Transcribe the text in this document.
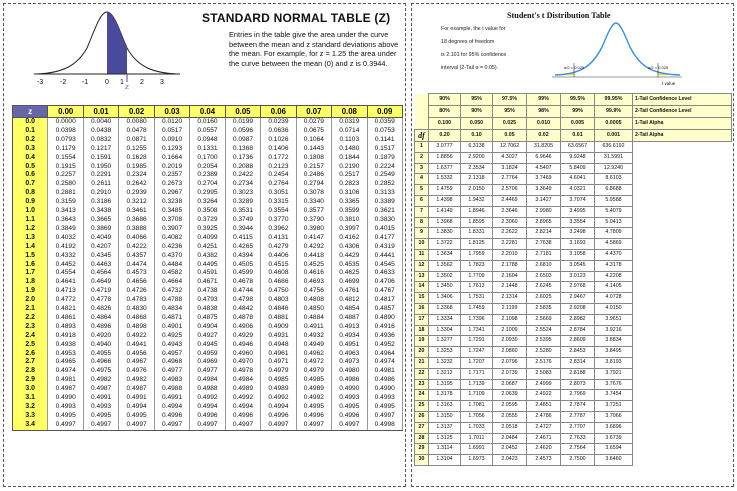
-3 -2 -1 0 1 2 3
Z
STANDARD NORMAL TABLE (Z)
Entries in the table give the area under the curve between the mean and z standard deviations above the mean. For example, for z = 1.25 the area under the curve between the mean (0) and z is 0.3944.
z	0.00	0.01	0.02	0.03	0.04	0.05	0.06	0.07	0.08	0.09
0.0	0.0000	0.0040	0.0080	0.0120	0.0160	0.0199	0.0239	0.0279	0.0319	0.0359
0.1	0.0398	0.0438	0.0478	0.0517	0.0557	0.0596	0.0636	0.0675	0.0714	0.0753
0.2	0.0793	0.0832	0.0871	0.0910	0.0948	0.0987	0.1026	0.1064	0.1103	0.1141
0.3	0.1179	0.1217	0.1255	0.1293	0.1331	0.1368	0.1406	0.1443	0.1480	0.1517
0.4	0.1554	0.1591	0.1628	0.1664	0.1700	0.1736	0.1772	0.1808	0.1844	0.1879
0.5	0.1915	0.1950	0.1985	0.2019	0.2054	0.2088	0.2123	0.2157	0.2190	0.2224
0.6	0.2257	0.2291	0.2324	0.2357	0.2389	0.2422	0.2454	0.2486	0.2517	0.2549
0.7	0.2580	0.2611	0.2642	0.2673	0.2704	0.2734	0.2764	0.2794	0.2823	0.2852
0.8	0.2881	0.2910	0.2939	0.2967	0.2995	0.3023	0.3051	0.3078	0.3106	0.3133
0.9	0.3159	0.3186	0.3212	0.3238	0.3264	0.3289	0.3315	0.3340	0.3365	0.3389
1.0	0.3413	0.3438	0.3461	0.3485	0.3508	0.3531	0.3554	0.3577	0.3599	0.3621
1.1	0.3643	0.3665	0.3686	0.3708	0.3729	0.3749	0.3770	0.3790	0.3810	0.3830
1.2	0.3849	0.3869	0.3888	0.3907	0.3925	0.3944	0.3962	0.3980	0.3997	0.4015
1.3	0.4032	0.4049	0.4066	0.4082	0.4099	0.4115	0.4131	0.4147	0.4162	0.4177
1.4	0.4192	0.4207	0.4222	0.4236	0.4251	0.4265	0.4279	0.4292	0.4306	0.4319
1.5	0.4332	0.4345	0.4357	0.4370	0.4382	0.4394	0.4406	0.4418	0.4429	0.4441
1.6	0.4452	0.4463	0.4474	0.4484	0.4495	0.4505	0.4515	0.4525	0.4535	0.4545
1.7	0.4554	0.4564	0.4573	0.4582	0.4591	0.4599	0.4608	0.4616	0.4625	0.4633
1.8	0.4641	0.4649	0.4656	0.4664	0.4671	0.4678	0.4686	0.4693	0.4699	0.4706
1.9	0.4713	0.4719	0.4726	0.4732	0.4738	0.4744	0.4750	0.4756	0.4761	0.4767
2.0	0.4772	0.4778	0.4783	0.4788	0.4793	0.4798	0.4803	0.4808	0.4812	0.4817
2.1	0.4821	0.4826	0.4830	0.4834	0.4838	0.4842	0.4846	0.4850	0.4854	0.4857
2.2	0.4861	0.4864	0.4868	0.4871	0.4875	0.4878	0.4881	0.4884	0.4887	0.4890
2.3	0.4893	0.4896	0.4898	0.4901	0.4904	0.4906	0.4909	0.4911	0.4913	0.4916
2.4	0.4918	0.4920	0.4922	0.4925	0.4927	0.4929	0.4931	0.4932	0.4934	0.4936
2.5	0.4938	0.4940	0.4941	0.4943	0.4945	0.4946	0.4948	0.4949	0.4951	0.4952
2.6	0.4953	0.4955	0.4956	0.4957	0.4959	0.4960	0.4961	0.4962	0.4963	0.4964
2.7	0.4965	0.4966	0.4967	0.4968	0.4969	0.4970	0.4971	0.4972	0.4973	0.4974
2.8	0.4974	0.4975	0.4976	0.4977	0.4977	0.4978	0.4979	0.4979	0.4980	0.4981
2.9	0.4981	0.4982	0.4982	0.4983	0.4984	0.4984	0.4985	0.4985	0.4986	0.4986
3.0	0.4987	0.4987	0.4987	0.4988	0.4988	0.4989	0.4989	0.4989	0.4990	0.4990
3.1	0.4990	0.4991	0.4991	0.4991	0.4992	0.4992	0.4992	0.4992	0.4993	0.4993
3.2	0.4993	0.4993	0.4994	0.4994	0.4994	0.4994	0.4994	0.4995	0.4995	0.4995
3.3	0.4995	0.4995	0.4995	0.4996	0.4996	0.4996	0.4996	0.4996	0.4996	0.4997
3.4	0.4997	0.4997	0.4997	0.4997	0.4997	0.4997	0.4997	0.4997	0.4997	0.4998
Student's t Distribution Table
For example, the t value for
18 degrees of freedom
is 2.101 for 95% confidence
interval (2-Tail α = 0.05).	α/2 = 0.025	α/2 = 0.025
t value
	90%	95%	97.5%	99%	99.5%	99.95%	1-Tail Confidence Level
	80%	90%	95%	98%	99%	99.9%	2-Tail Confidence Level
	0.100	0.050	0.025	0.010	0.005	0.0005	1-Tail Alpha
df	0.20	0.10	0.05	0.02	0.01	0.001	2-Tail Alpha
1	3.0777	6.3138	12.7062	31.8205	63.6567	636.6192	
2	1.8856	2.9200	4.3027	6.9646	9.9248	31.5991	
3	1.6377	2.3534	3.1824	4.5407	5.8409	12.9240	
4	1.5332	2.1318	2.7764	3.7469	4.6041	8.6103	
5	1.4759	2.0150	2.5706	3.3649	4.0321	6.8688	
6	1.4398	1.9432	2.4469	3.1427	3.7074	5.9588	
7	1.4149	1.8946	2.3646	2.9980	3.4995	5.4079	
8	1.3968	1.8595	2.3060	2.8965	3.3554	5.0413	
9	1.3830	1.8331	2.2622	2.8214	3.2498	4.7809	
10	1.3722	1.8125	2.2281	2.7638	3.1693	4.5869	
11	1.3634	1.7959	2.2010	2.7181	3.1058	4.4370	
12	1.3562	1.7823	2.1788	2.6810	3.0545	4.3178	
13	1.3502	1.7709	2.1604	2.6503	3.0123	4.2208	
14	1.3450	1.7613	2.1448	2.6245	2.9768	4.1405	
15	1.3406	1.7531	2.1314	2.6025	2.9467	4.0728	
16	1.3368	1.7459	2.1199	2.5835	2.9208	4.0150	
17	1.3334	1.7396	2.1098	2.5669	2.8982	3.9651	
18	1.3304	1.7341	2.1009	2.5524	2.8784	3.9216	
19	1.3277	1.7291	2.0930	2.5395	2.8609	3.8834	
20	1.3253	1.7247	2.0860	2.5280	2.8453	3.8495	
21	1.3232	1.7207	2.0796	2.5176	2.8314	3.8193	
22	1.3212	1.7171	2.0739	2.5083	2.8188	3.7921	
23	1.3195	1.7139	2.0687	2.4999	2.8073	3.7676	
24	1.3178	1.7109	2.0639	2.4922	2.7969	3.7454	
25	1.3163	1.7081	2.0595	2.4851	2.7874	3.7251	
26	1.3150	1.7056	2.0555	2.4786	2.7787	3.7066	
27	1.3137	1.7033	2.0518	2.4727	2.7707	3.6896	
28	1.3125	1.7011	2.0484	2.4671	2.7633	3.6739	
29	1.3114	1.6991	2.0452	2.4620	2.7564	3.6594	
30	1.3104	1.6973	2.0423	2.4573	2.7500	3.6460	
